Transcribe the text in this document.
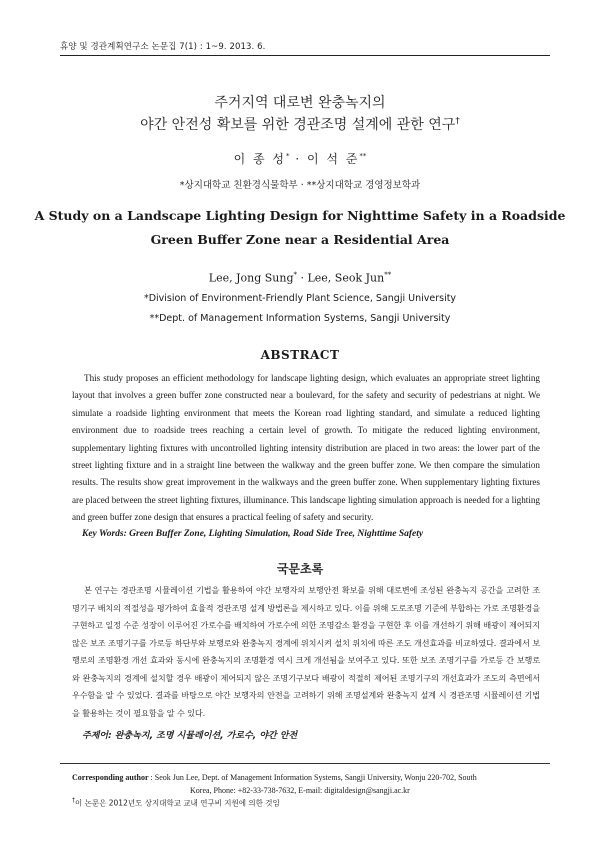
휴양 및 경관계획연구소 논문집 7(1) : 1~9. 2013. 6.
주거지역 대로변 완충녹지의
야간 안전성 확보를 위한 경관조명 설계에 관한 연구†
이 종 성* · 이 석 준**
*상지대학교 친환경식물학부 · **상지대학교 경영정보학과
A Study on a Landscape Lighting Design for Nighttime Safety in a Roadside
Green Buffer Zone near a Residential Area
Lee, Jong Sung* · Lee, Seok Jun**
*Division of Environment-Friendly Plant Science, Sangji University
**Dept. of Management Information Systems, Sangji University
ABSTRACT

This study proposes an efficient methodology for landscape lighting design, which evaluates an appropriate street lighting layout that involves a green buffer zone constructed near a boulevard, for the safety and security of pedestrians at night. We simulate a roadside lighting environment that meets the Korean road lighting standard, and simulate a reduced lighting environment due to roadside trees reaching a certain level of growth. To mitigate the reduced lighting environment, supplementary lighting fixtures with uncontrolled lighting intensity distribution are placed in two areas: the lower part of the street lighting fixture and in a straight line between the walkway and the green buffer zone. We then compare the simulation results. The results show great improvement in the walkways and the green buffer zone. When supplementary lighting fixtures are placed between the street lighting fixtures, illuminance. This landscape lighting simulation approach is needed for a lighting and green buffer zone design that ensures a practical feeling of safety and security.

Key Words: Green Buffer Zone, Lighting Simulation, Road Side Tree, Nighttime Safety
국문초록

본 연구는 경관조명 시뮬레이션 기법을 활용하여 야간 보행자의 보행안전 확보를 위해 대로변에 조성된 완충녹지 공간을 고려한 조명기구 배치의 적절성을 평가하여 효율적 경관조명 설계 방법론을 제시하고 있다. 이를 위해 도로조명 기준에 부합하는 가로 조명환경을 구현하고 일정 수준 성장이 이루어진 가로수를 배치하여 가로수에 의한 조명감소 환경을 구현한 후 이를 개선하기 위해 배광이 제어되지 않은 보조 조명기구를 가로등 하단부와 보행로와 완충녹지 경계에 위치시켜 설치 위치에 따른 조도 개선효과를 비교하였다. 결과에서 보행로의 조명환경 개선 효과와 동시에 완충녹지의 조명환경 역시 크게 개선됨을 보여주고 있다. 또한 보조 조명기구를 가로등 간 보행로와 완충녹지의 경계에 설치할 경우 배광이 제어되지 않은 조명기구보다 배광이 적절히 제어된 조명기구의 개선효과가 조도의 측면에서 우수함을 알 수 있었다. 결과를 바탕으로 야간 보행자의 안전을 고려하기 위해 조명설계와 완충녹지 설계 시 경관조명 시뮬레이션 기법을 활용하는 것이 필요함을 알 수 있다.

주제어: 완충녹지, 조명 시뮬레이션, 가로수, 야간 안전
Corresponding author : Seok Jun Lee, Dept. of Management Information Systems, Sangji University, Wonju 220-702, South
Korea, Phone: +82-33-738-7632, E-mail: digitaldesign@sangji.ac.kr
†이 논문은 2012년도 상지대학교 교내 연구비 지원에 의한 것임
